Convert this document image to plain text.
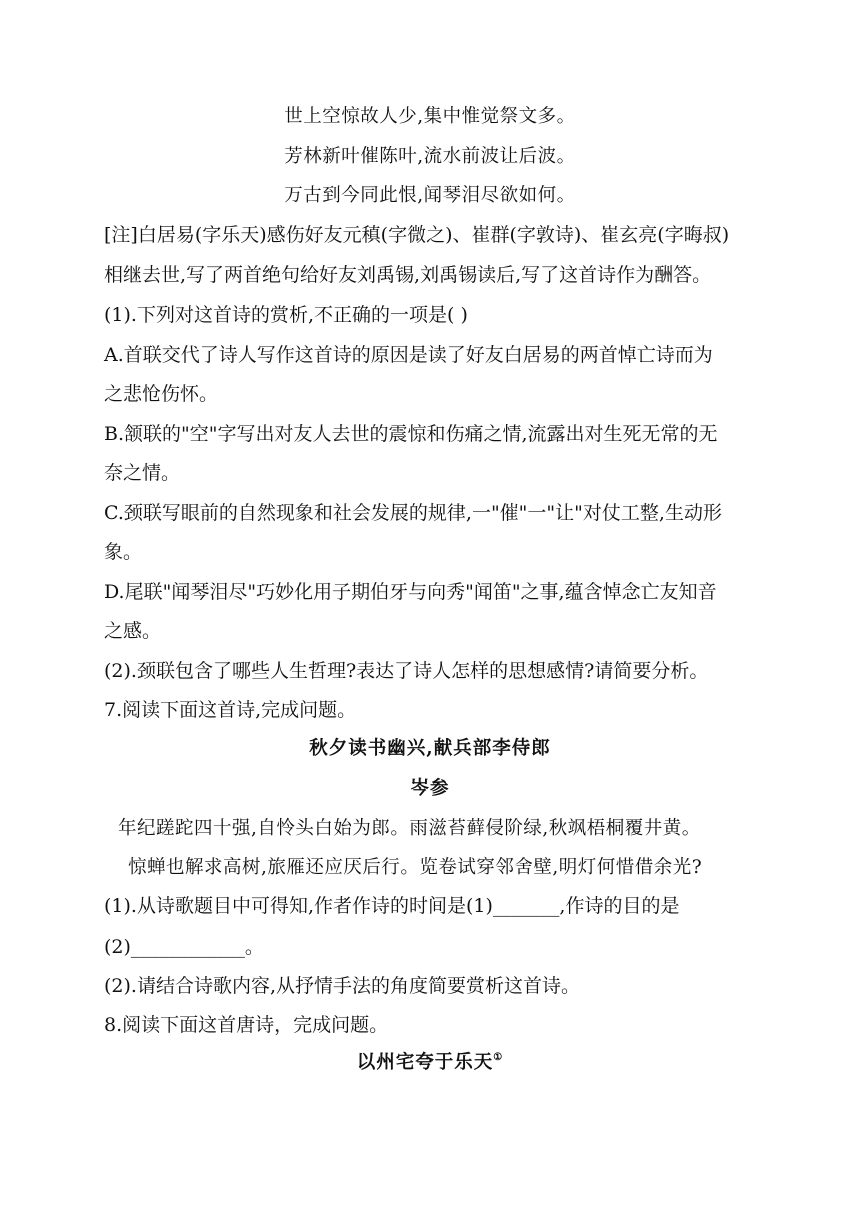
世上空惊故人少,集中惟觉祭文多。
芳林新叶催陈叶,流水前波让后波。
万古到今同此恨,闻琴泪尽欲如何。
[注]白居易(字乐天)感伤好友元稹(字微之)、崔群(字敦诗)、崔玄亮(字晦叔)
相继去世,写了两首绝句给好友刘禹锡,刘禹锡读后,写了这首诗作为酬答。
(1).下列对这首诗的赏析,不正确的一项是( )
A.首联交代了诗人写作这首诗的原因是读了好友白居易的两首悼亡诗而为
之悲怆伤怀。
B.颔联的"空"字写出对友人去世的震惊和伤痛之情,流露出对生死无常的无
奈之情。
C.颈联写眼前的自然现象和社会发展的规律,一"催"一"让"对仗工整,生动形
象。
D.尾联"闻琴泪尽"巧妙化用子期伯牙与向秀"闻笛"之事,蕴含悼念亡友知音
之感。
(2).颈联包含了哪些人生哲理?表达了诗人怎样的思想感情?请简要分析。
7.阅读下面这首诗,完成问题。
秋夕读书幽兴,献兵部李侍郎
岑参
年纪蹉跎四十强,自怜头白始为郎。雨滋苔藓侵阶绿,秋飒梧桐覆井黄。
惊蝉也解求高树,旅雁还应厌后行。览卷试穿邻舍壁,明灯何惜借余光?
(1).从诗歌题目中可得知,作者作诗的时间是(1)_______,作诗的目的是
(2)____________。
(2).请结合诗歌内容,从抒情手法的角度简要赏析这首诗。
8.阅读下面这首唐诗，完成问题。
以州宅夸于乐天①
